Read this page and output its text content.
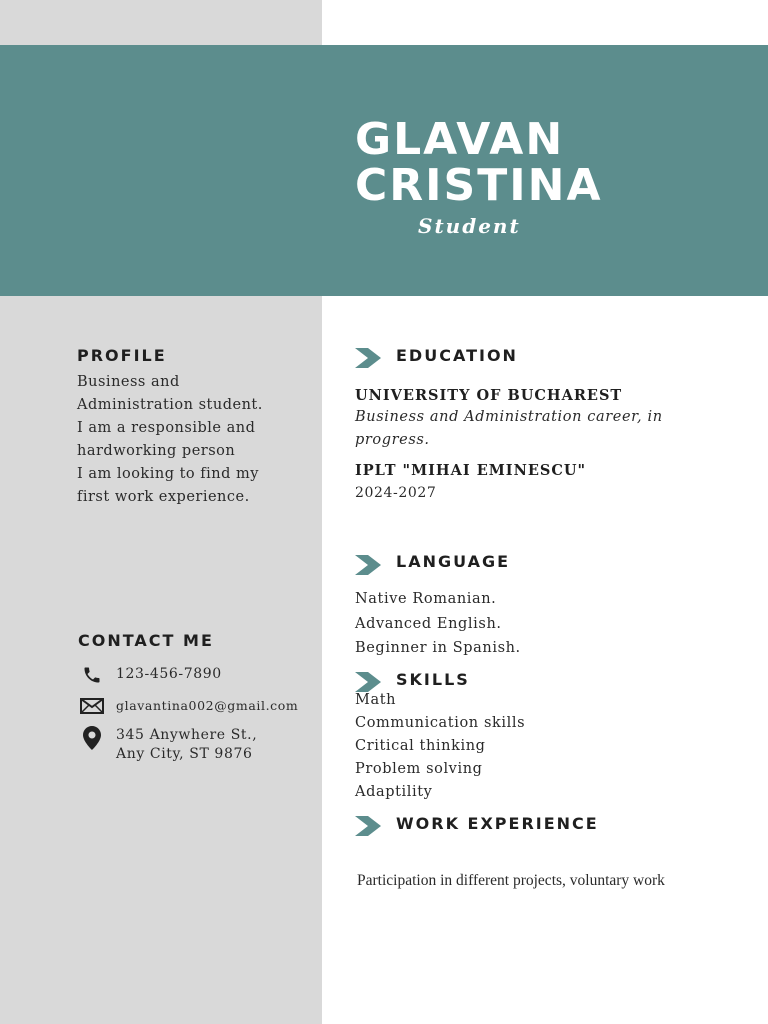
GLAVAN
CRISTINA
Student
PROFILE
Business and
Administration student.
I am a responsible and
hardworking person
I am looking to find my
first work experience.
CONTACT ME
123-456-7890
glavantina002@gmail.com
345 Anywhere St.,
Any City, ST 9876
EDUCATION
UNIVERSITY OF BUCHAREST
Business and Administration career, in
progress.
IPLT "MIHAI EMINESCU"
2024-2027
LANGUAGE
Native Romanian.
Advanced English.
Beginner in Spanish.
SKILLS
Math
Communication skills
Critical thinking
Problem solving
Adaptility
WORK EXPERIENCE
Participation in different projects, voluntary work
